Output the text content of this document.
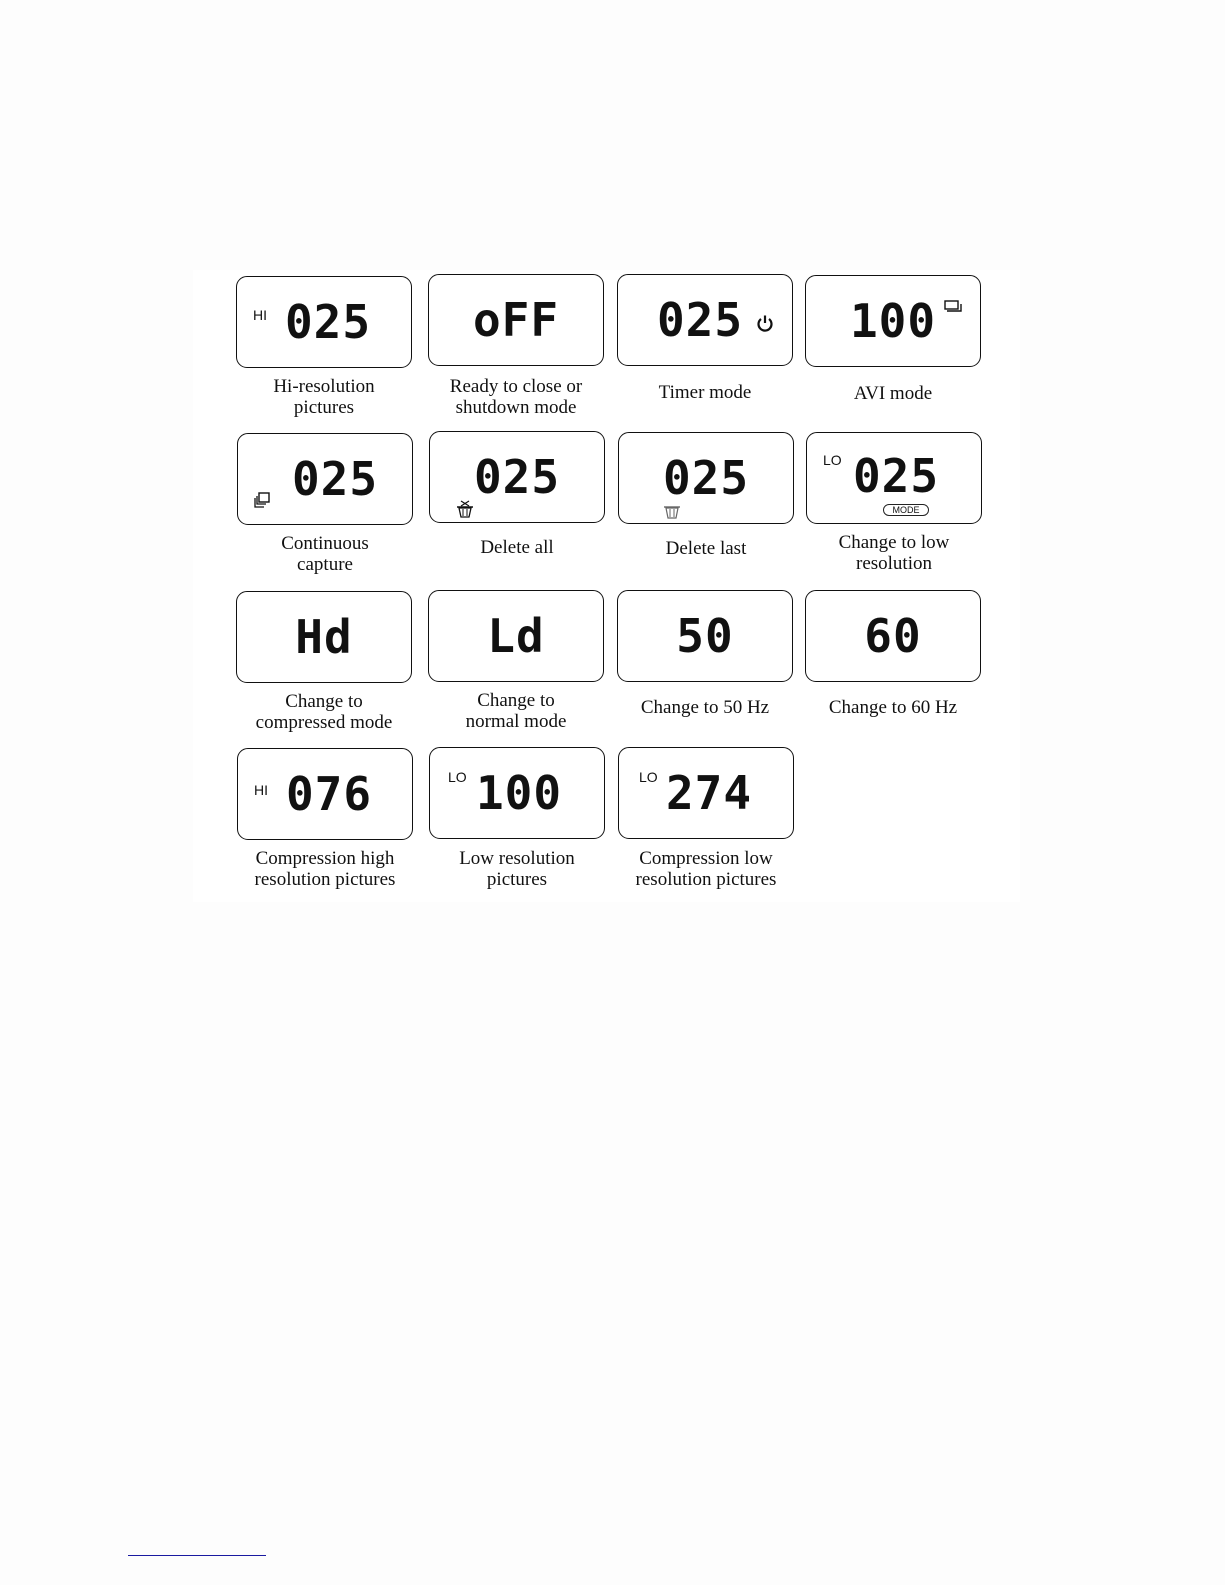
HI 025
Hi-resolution
pictures
oFF
Ready to close or
shutdown mode
025
Timer mode
100
AVI mode
025
Continuous
capture
025
Delete all
025
Delete last
LO 025
MODE
Change to low
resolution
Hd
Change to
compressed mode
Ld
Change to
normal mode
50
Change to 50 Hz
60
Change to 60 Hz
HI 076
Compression high
resolution pictures
LO 100
Low resolution
pictures
LO 274
Compression low
resolution pictures
